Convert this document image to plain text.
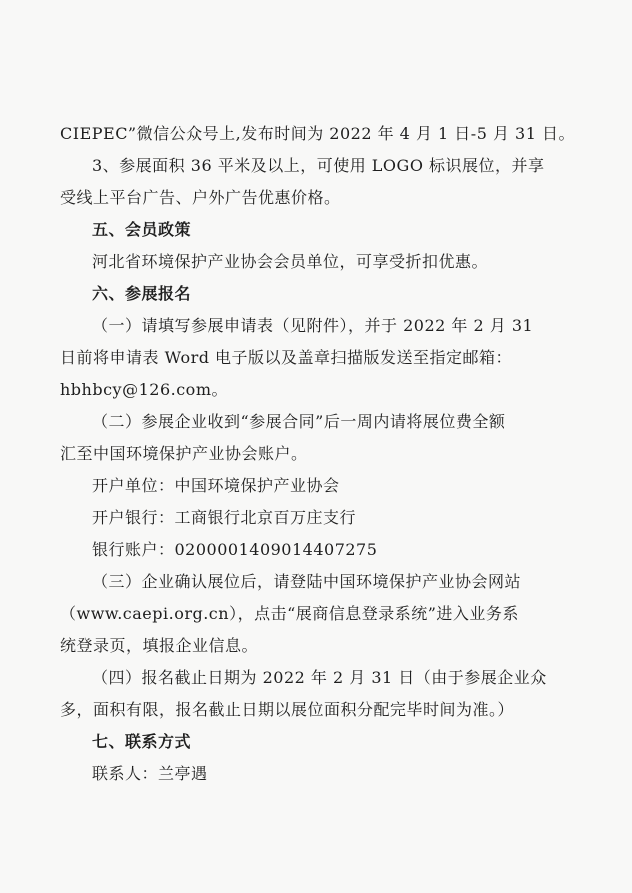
CIEPEC”微信公众号上,发布时间为 2022 年 4 月 1 日-5 月 31 日。
3、参展面积 36 平米及以上，可使用 LOGO 标识展位，并享
受线上平台广告、户外广告优惠价格。
五、会员政策
河北省环境保护产业协会会员单位，可享受折扣优惠。
六、参展报名
（一）请填写参展申请表（见附件），并于 2022 年 2 月 31
日前将申请表 Word 电子版以及盖章扫描版发送至指定邮箱：
hbhbcy@126.com。
（二）参展企业收到“参展合同”后一周内请将展位费全额
汇至中国环境保护产业协会账户。
开户单位：中国环境保护产业协会
开户银行：工商银行北京百万庄支行
银行账户：0200001409014407275
（三）企业确认展位后，请登陆中国环境保护产业协会网站
（www.caepi.org.cn），点击“展商信息登录系统”进入业务系
统登录页，填报企业信息。
（四）报名截止日期为 2022 年 2 月 31 日（由于参展企业众
多，面积有限，报名截止日期以展位面积分配完毕时间为准。）
七、联系方式
联系人：兰亭遇
